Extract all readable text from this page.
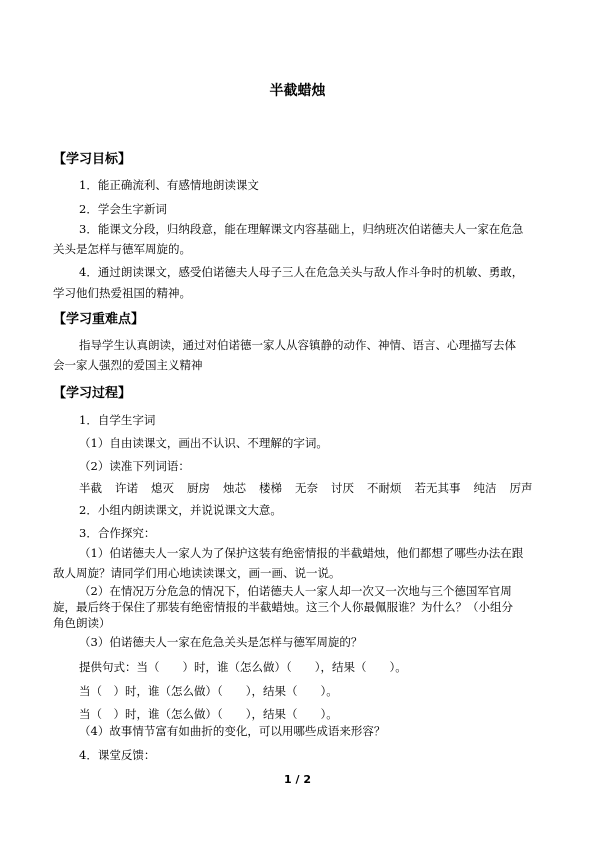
半截蜡烛
【学习目标】
1．能正确流利、有感情地朗读课文
2．学会生字新词
3．能课文分段，归纳段意，能在理解课文内容基础上，归纳班次伯诺德夫人一家在危急
关头是怎样与德军周旋的。
4．通过朗读课文，感受伯诺德夫人母子三人在危急关头与敌人作斗争时的机敏、勇敢，
学习他们热爱祖国的精神。
【学习重难点】
指导学生认真朗读，通过对伯诺德一家人从容镇静的动作、神情、语言、心理描写去体
会一家人强烈的爱国主义精神
【学习过程】
1．自学生字词
（1）自由读课文，画出不认识、不理解的字词。
（2）读准下列词语：
半截 许诺 熄灭 厨房 烛芯 楼梯 无奈 讨厌 不耐烦 若无其事 纯洁 厉声
2．小组内朗读课文，并说说课文大意。
3．合作探究：
（1）伯诺德夫人一家人为了保护这装有绝密情报的半截蜡烛，他们都想了哪些办法在跟
敌人周旋？请同学们用心地读读课文，画一画、说一说。
（2）在情况万分危急的情况下，伯诺德夫人一家人却一次又一次地与三个德国军官周
旋，最后终于保住了那装有绝密情报的半截蜡烛。这三个人你最佩服谁？为什么？（小组分
角色朗读）
（3）伯诺德夫人一家在危急关头是怎样与德军周旋的？
提供句式：当（　　）时，谁（怎么做）（　　），结果（　　）。
当（　）时，谁（怎么做）（　　），结果（　　）。
当（　）时，谁（怎么做）（　　），结果（　　）。
（4）故事情节富有如曲折的变化，可以用哪些成语来形容？
4．课堂反馈：
1 / 2
